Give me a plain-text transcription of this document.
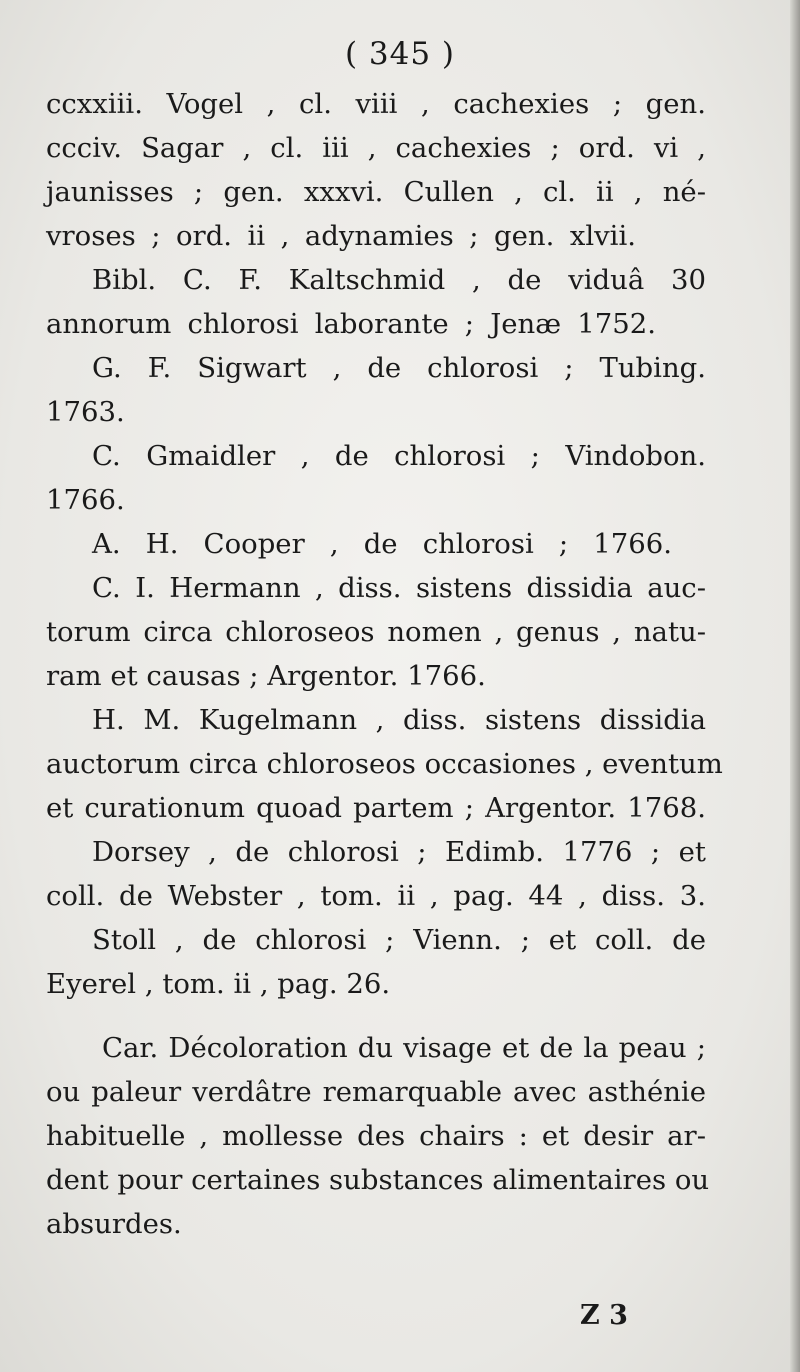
( 345 )
ccxxiii. Vogel , cl. viii , cachexies ; gen.
ccciv. Sagar , cl. iii , cachexies ; ord. vi ,
jaunisses ; gen. xxxvi. Cullen , cl. ii , né-
vroses ; ord. ii , adynamies ; gen. xlvii.
Bibl. C. F. Kaltschmid , de viduâ 30
annorum chlorosi laborante ; Jenæ 1752.
G. F. Sigwart , de chlorosi ; Tubing.
1763.
C. Gmaidler , de chlorosi ; Vindobon.
1766.
A. H. Cooper , de chlorosi ; 1766.
C. I. Hermann , diss. sistens dissidia auc-
torum circa chloroseos nomen , genus , natu-
ram et causas ; Argentor. 1766.
H. M. Kugelmann , diss. sistens dissidia
auctorum circa chloroseos occasiones , eventum
et curationum quoad partem ; Argentor. 1768.
Dorsey , de chlorosi ; Edimb. 1776 ; et
coll. de Webster , tom. ii , pag. 44 , diss. 3.
Stoll , de chlorosi ; Vienn. ; et coll. de
Eyerel , tom. ii , pag. 26.
Car. Décoloration du visage et de la peau ;
ou paleur verdâtre remarquable avec asthénie
habituelle , mollesse des chairs : et desir ar-
dent pour certaines substances alimentaires ou
absurdes.
Z 3
